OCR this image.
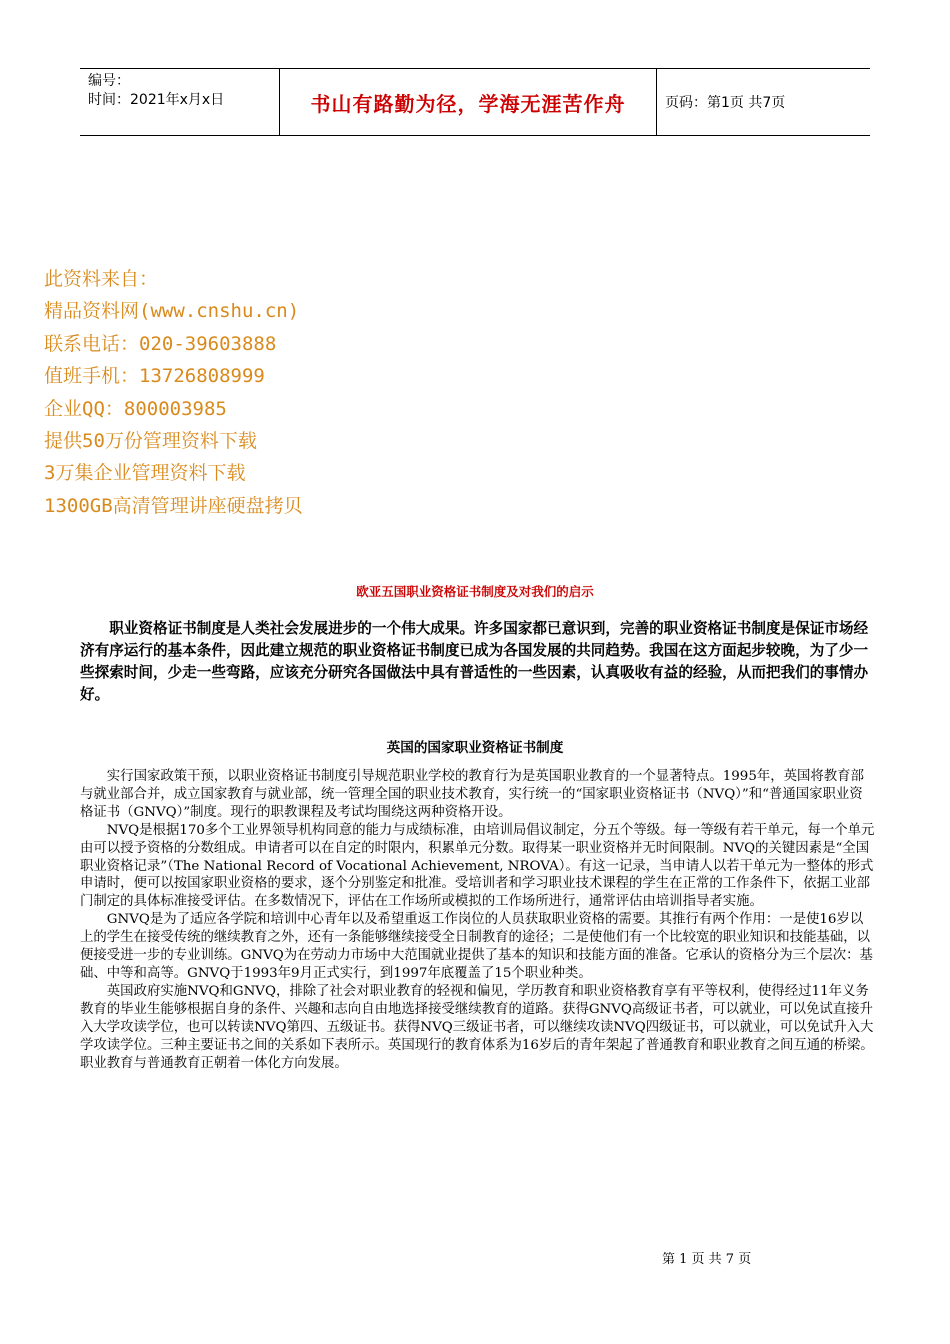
编号：
时间：2021年x月x日	书山有路勤为径，学海无涯苦作舟	页码：第1页 共7页
此资料来自：
精品资料网(www.cnshu.cn)
联系电话：020-39603888
值班手机：13726808999
企业QQ：800003985
提供50万份管理资料下载
3万集企业管理资料下载
1300GB高清管理讲座硬盘拷贝
欧亚五国职业资格证书制度及对我们的启示
职业资格证书制度是人类社会发展进步的一个伟大成果。许多国家都已意识到，完善的职业资格证书制度是保证市场经济有序运行的基本条件，因此建立规范的职业资格证书制度已成为各国发展的共同趋势。我国在这方面起步较晚，为了少一些探索时间，少走一些弯路，应该充分研究各国做法中具有普适性的一些因素，认真吸收有益的经验，从而把我们的事情办好。
英国的国家职业资格证书制度

实行国家政策干预，以职业资格证书制度引导规范职业学校的教育行为是英国职业教育的一个显著特点。1995年，英国将教育部与就业部合并，成立国家教育与就业部，统一管理全国的职业技术教育，实行统一的“国家职业资格证书（NVQ）”和“普通国家职业资格证书（GNVQ）”制度。现行的职教课程及考试均围绕这两种资格开设。

NVQ是根据170多个工业界领导机构同意的能力与成绩标准，由培训局倡议制定，分五个等级。每一等级有若干单元，每一个单元由可以授予资格的分数组成。申请者可以在自定的时限内，积累单元分数。取得某一职业资格并无时间限制。NVQ的关键因素是“全国职业资格记录”（The National Record of Vocational Achievement, NROVA）。有这一记录，当申请人以若干单元为一整体的形式申请时，便可以按国家职业资格的要求，逐个分别鉴定和批准。受培训者和学习职业技术课程的学生在正常的工作条件下，依据工业部门制定的具体标准接受评估。在多数情况下，评估在工作场所或模拟的工作场所进行，通常评估由培训指导者实施。

GNVQ是为了适应各学院和培训中心青年以及希望重返工作岗位的人员获取职业资格的需要。其推行有两个作用：一是使16岁以上的学生在接受传统的继续教育之外，还有一条能够继续接受全日制教育的途径；二是使他们有一个比较宽的职业知识和技能基础，以便接受进一步的专业训练。GNVQ为在劳动力市场中大范围就业提供了基本的知识和技能方面的准备。它承认的资格分为三个层次：基础、中等和高等。GNVQ于1993年9月正式实行，到1997年底覆盖了15个职业种类。

英国政府实施NVQ和GNVQ，排除了社会对职业教育的轻视和偏见，学历教育和职业资格教育享有平等权利，使得经过11年义务教育的毕业生能够根据自身的条件、兴趣和志向自由地选择接受继续教育的道路。获得GNVQ高级证书者，可以就业，可以免试直接升入大学攻读学位，也可以转读NVQ第四、五级证书。获得NVQ三级证书者，可以继续攻读NVQ四级证书，可以就业，可以免试升入大学攻读学位。三种主要证书之间的关系如下表所示。英国现行的教育体系为16岁后的青年架起了普通教育和职业教育之间互通的桥梁。职业教育与普通教育正朝着一体化方向发展。

第 1 页 共 7 页
